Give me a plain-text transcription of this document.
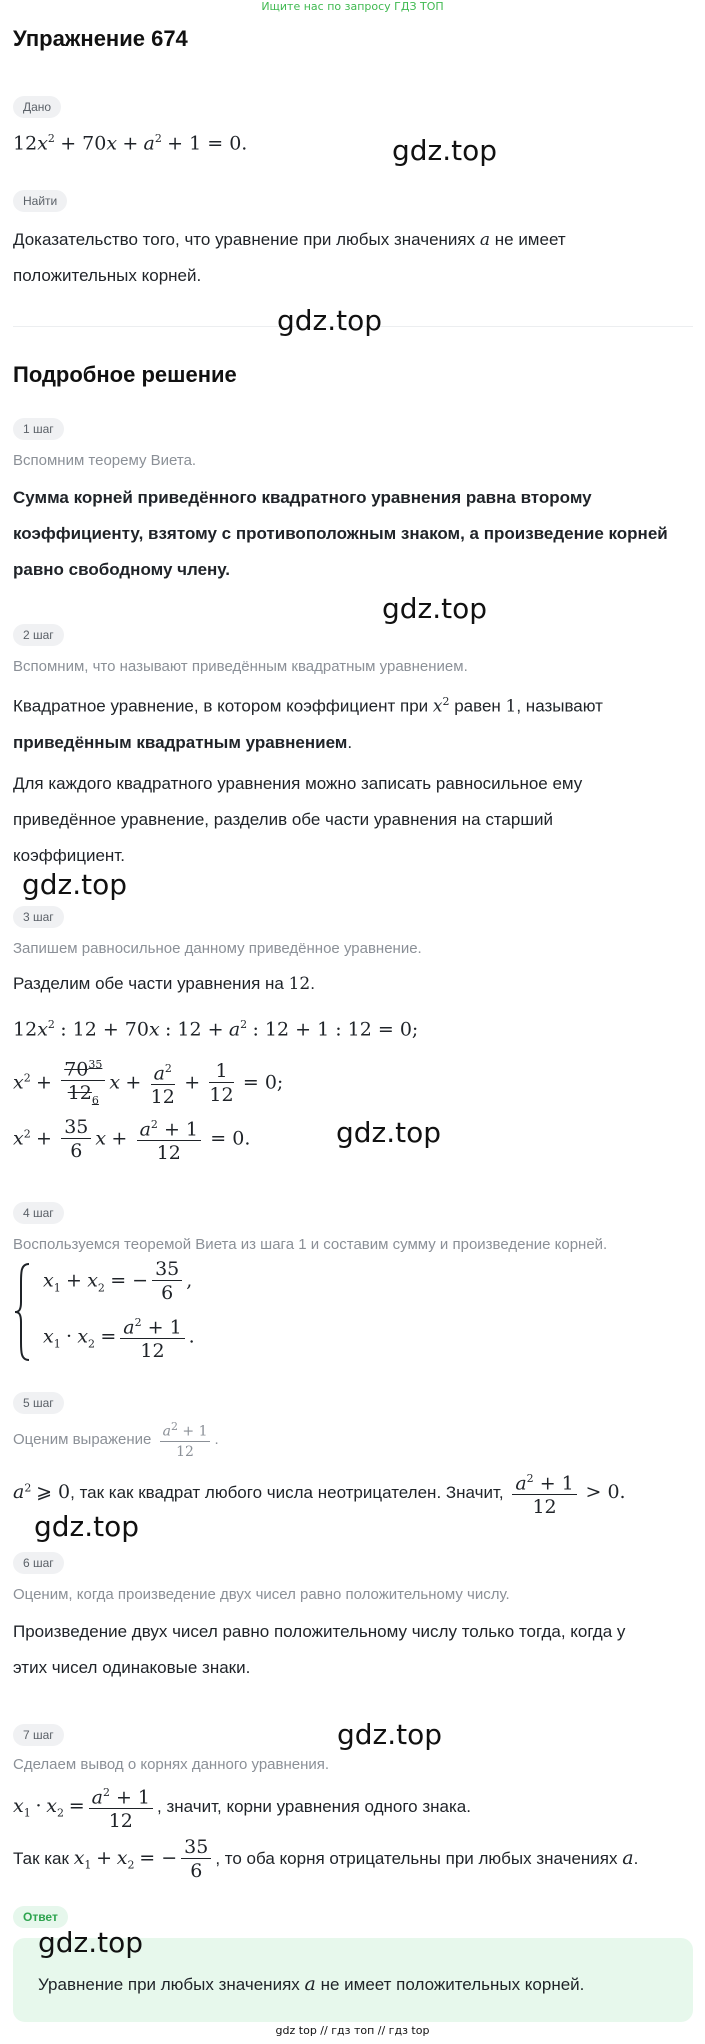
Ищите нас по запросу ГДЗ ТОП
Упражнение 674
Дано
$12x^2 + 70x + a^2 + 1 = 0$.	gdz.top
Найти
Доказательство того, что уравнение при любых значениях a не имеет
положительных корней.
gdz.top
Подробное решение
1 шаг
Вспомним теорему Виета.
Сумма корней приведённого квадратного уравнения равна второму
коэффициенту, взятому с противоположным знаком, а произведение корней
равно свободному члену.
gdz.top
2 шаг
Вспомним, что называют приведённым квадратным уравнением.
Квадратное уравнение, в котором коэффициент при $x^2$ равен 1, называют
приведённым квадратным уравнением.
Для каждого квадратного уравнения можно записать равносильное ему
приведённое уравнение, разделив обе части уравнения на старший
коэффициент.
gdz.top
3 шаг
Запишем равносильное данному приведённое уравнение.
Разделим обе части уравнения на 12.
$12x^2$ : 12 + 70x : $12 + a^2$ : 12 + 1 : 12 = 0;
$x^2 + \frac{70^{35}}{12_6}$ $x + \frac{a^2}{12} + \frac{1}{12} = 0$;
$x^2 + \frac{35}{6}$ $x + \frac{a^2 + 1}{12} = 0$.	gdz.top
4 шаг
Воспользуемся теоремой Виета из шага 1 и составим сумму и произведение корней.
$x_1 + x_2$ = − $\frac{35}{6}$ ,
$x_1 \cdot x_2 = \frac{a^2 + 1}{12}$ .
5 шаг
Оценим выражение $\frac{a^2 + 1}{12}$ .
$a^2$ ⩾ 0, так как квадрат любого числа неотрицателен. Значит, $\frac{a^2 + 1}{12} > 0$.
gdz.top
6 шаг
Оценим, когда произведение двух чисел равно положительному числу.
Произведение двух чисел равно положительному числу только тогда, когда у
этих чисел одинаковые знаки.
7 шаг	gdz.top
Сделаем вывод о корнях данного уравнения.
$x_1 \cdot x_2 = \frac{a^2 + 1}{12}$ , значит, корни уравнения одного знака.
Так как $x_1 + x_2$ = − $\frac{35}{6}$ , то оба корня отрицательны при любых значениях a.
Ответ
gdz.top
Уравнение при любых значениях a не имеет положительных корней.
gdz top // гдз топ // гдз top
